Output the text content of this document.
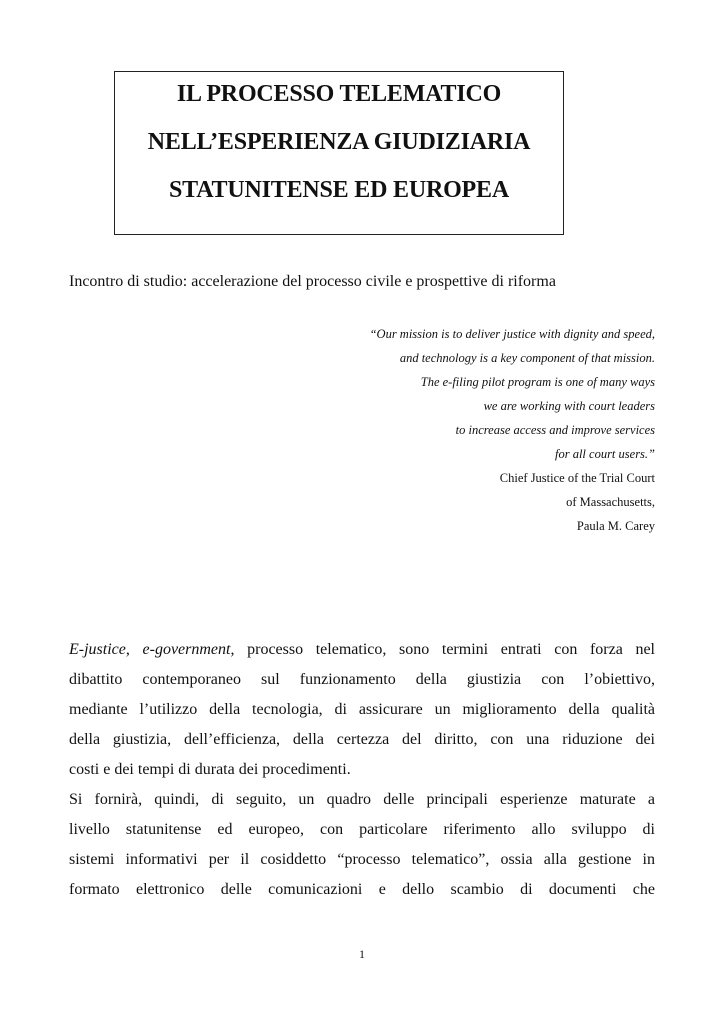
IL PROCESSO TELEMATICO
NELL’ESPERIENZA GIUDIZIARIA
STATUNITENSE ED EUROPEA
Incontro di studio: accelerazione del processo civile e prospettive di riforma
“Our mission is to deliver justice with dignity and speed,
and technology is a key component of that mission.
The e-filing pilot program is one of many ways
we are working with court leaders
to increase access and improve services
for all court users.”
Chief Justice of the Trial Court
of Massachusetts,
Paula M. Carey
E-justice, e-government, processo telematico, sono termini entrati con forza nel
dibattito contemporaneo sul funzionamento della giustizia con l’obiettivo,
mediante l’utilizzo della tecnologia, di assicurare un miglioramento della qualità
della giustizia, dell’efficienza, della certezza del diritto, con una riduzione dei
costi e dei tempi di durata dei procedimenti.
Si fornirà, quindi, di seguito, un quadro delle principali esperienze maturate a
livello statunitense ed europeo, con particolare riferimento allo sviluppo di
sistemi informativi per il cosiddetto “processo telematico”, ossia alla gestione in
formato elettronico delle comunicazioni e dello scambio di documenti che
1
